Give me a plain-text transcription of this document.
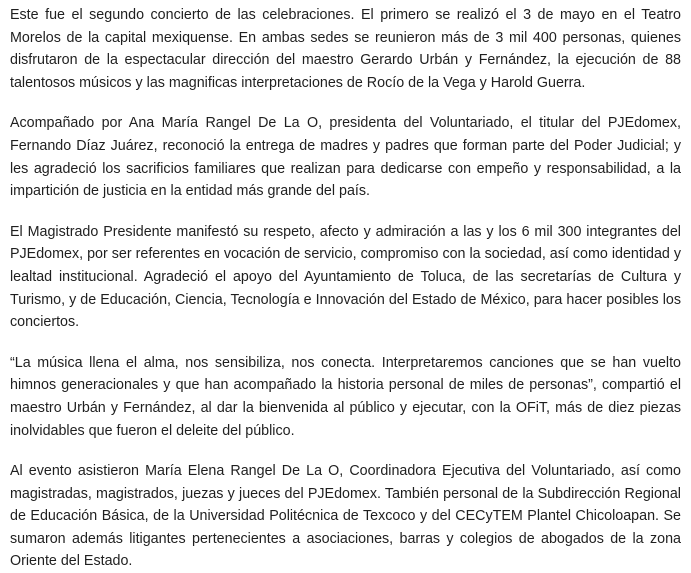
Este fue el segundo concierto de las celebraciones. El primero se realizó el 3 de mayo en el Teatro Morelos de la capital mexiquense. En ambas sedes se reunieron más de 3 mil 400 personas, quienes disfrutaron de la espectacular dirección del maestro Gerardo Urbán y Fernández, la ejecución de 88 talentosos músicos y las magnificas interpretaciones de Rocío de la Vega y Harold Guerra.

Acompañado por Ana María Rangel De La O, presidenta del Voluntariado, el titular del PJEdomex, Fernando Díaz Juárez, reconoció la entrega de madres y padres que forman parte del Poder Judicial; y les agradeció los sacrificios familiares que realizan para dedicarse con empeño y responsabilidad, a la impartición de justicia en la entidad más grande del país.

El Magistrado Presidente manifestó su respeto, afecto y admiración a las y los 6 mil 300 integrantes del PJEdomex, por ser referentes en vocación de servicio, compromiso con la sociedad, así como identidad y lealtad institucional. Agradeció el apoyo del Ayuntamiento de Toluca, de las secretarías de Cultura y Turismo, y de Educación, Ciencia, Tecnología e Innovación del Estado de México, para hacer posibles los conciertos.

“La música llena el alma, nos sensibiliza, nos conecta. Interpretaremos canciones que se han vuelto himnos generacionales y que han acompañado la historia personal de miles de personas”, compartió el maestro Urbán y Fernández, al dar la bienvenida al público y ejecutar, con la OFiT, más de diez piezas inolvidables que fueron el deleite del público.

Al evento asistieron María Elena Rangel De La O, Coordinadora Ejecutiva del Voluntariado, así como magistradas, magistrados, juezas y jueces del PJEdomex. También personal de la Subdirección Regional de Educación Básica, de la Universidad Politécnica de Texcoco y del CECyTEM Plantel Chicoloapan. Se sumaron además litigantes pertenecientes a asociaciones, barras y colegios de abogados de la zona Oriente del Estado.
